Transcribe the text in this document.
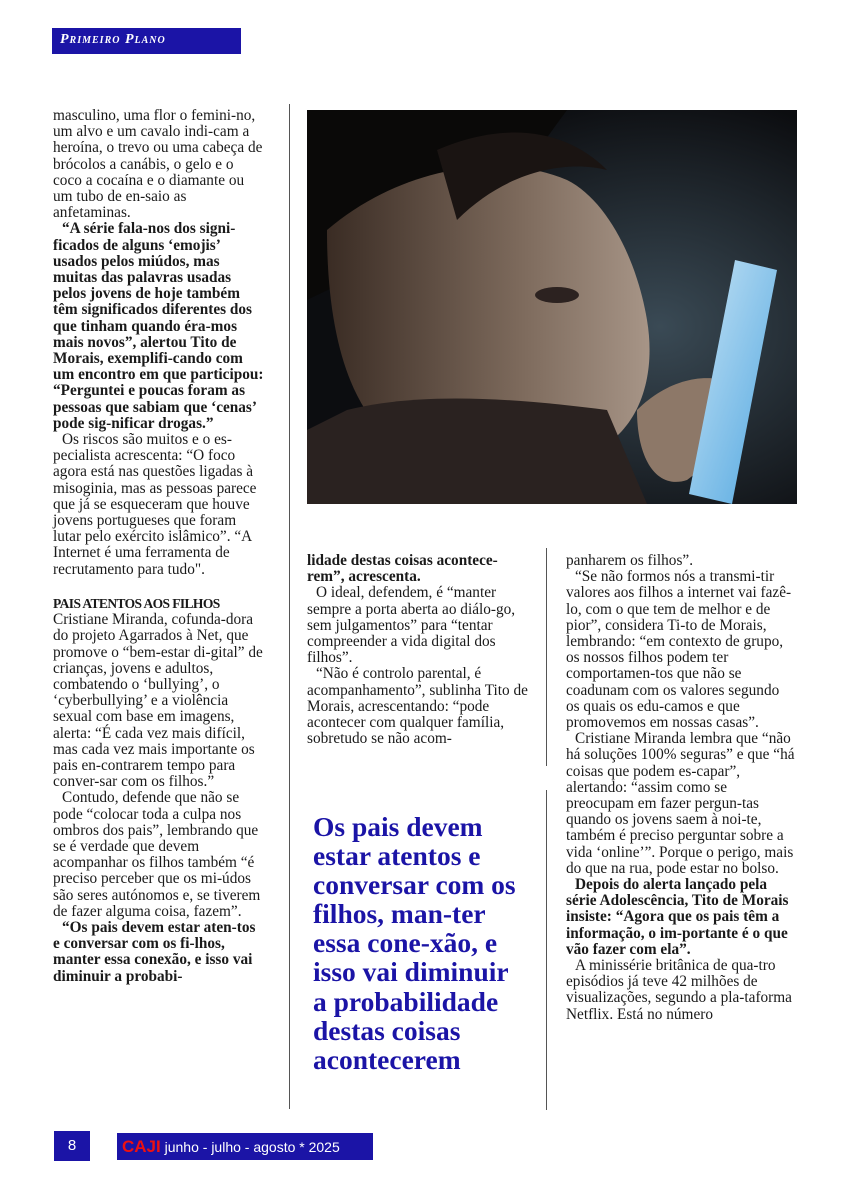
Primeiro Plano

masculino, uma flor o femini-no, um alvo e um cavalo indi-cam a heroína, o trevo ou uma cabeça de brócolos a canábis, o gelo e o coco a cocaína e o diamante ou um tubo de en-saio as anfetaminas.

“A série fala-nos dos signi-ficados de alguns ‘emojis’ usados pelos miúdos, mas muitas das palavras usadas pelos jovens de hoje também têm significados diferentes dos que tinham quando éra-mos mais novos”, alertou Tito de Morais, exemplifi-cando com um encontro em que participou: “Perguntei e poucas foram as pessoas que sabiam que ‘cenas’ pode sig-nificar drogas.”

Os riscos são muitos e o es-pecialista acrescenta: “O foco agora está nas questões ligadas à misoginia, mas as pessoas parece que já se esqueceram que houve jovens portugueses que foram lutar pelo exército islâmico”. “A Internet é uma ferramenta de recrutamento para tudo".

PAIS ATENTOS AOS FILHOS

Cristiane Miranda, cofunda-dora do projeto Agarrados à Net, que promove o “bem-estar di-gital” de crianças, jovens e adultos, combatendo o ‘bullying’, o ‘cyberbullying’ e a violência sexual com base em imagens, alerta: “É cada vez mais difícil, mas cada vez mais importante os pais en-contrarem tempo para conver-sar com os filhos.”

Contudo, defende que não se pode “colocar toda a culpa nos ombros dos pais”, lembrando que se é verdade que devem acompanhar os filhos também “é preciso perceber que os mi-údos são seres autónomos e, se tiverem de fazer alguma coisa, fazem”.

“Os pais devem estar aten-tos e conversar com os fi-lhos, manter essa conexão, e isso vai diminuir a probabi-

lidade destas coisas acontece-rem”, acrescenta.

O ideal, defendem, é “manter sempre a porta aberta ao diálo-go, sem julgamentos” para “tentar compreender a vida digital dos filhos”.

“Não é controlo parental, é acompanhamento”, sublinha Tito de Morais, acrescentando: “pode acontecer com qualquer família, sobretudo se não acom-

Os pais devem estar atentos e conversar com os filhos, man-ter essa cone-xão, e isso vai diminuir a probabilidade destas coisas acontecerem

panharem os filhos”.

“Se não formos nós a transmi-tir valores aos filhos a internet vai fazê-lo, com o que tem de melhor e de pior”, considera Ti-to de Morais, lembrando: “em contexto de grupo, os nossos filhos podem ter comportamen-tos que não se coadunam com os valores segundo os quais os edu-camos e que promovemos em nossas casas”.

Cristiane Miranda lembra que “não há soluções 100% seguras” e que “há coisas que podem es-capar”, alertando: “assim como se preocupam em fazer pergun-tas quando os jovens saem à noi-te, também é preciso perguntar sobre a vida ‘online’”. Porque o perigo, mais do que na rua, pode estar no bolso.

Depois do alerta lançado pela série Adolescência, Tito de Morais insiste: “Agora que os pais têm a informação, o im-portante é o que vão fazer com ela”.

A minissérie britânica de qua-tro episódios já teve 42 milhões de visualizações, segundo a pla-taforma Netflix. Está no número

8	CAJI junho - julho - agosto * 2025
